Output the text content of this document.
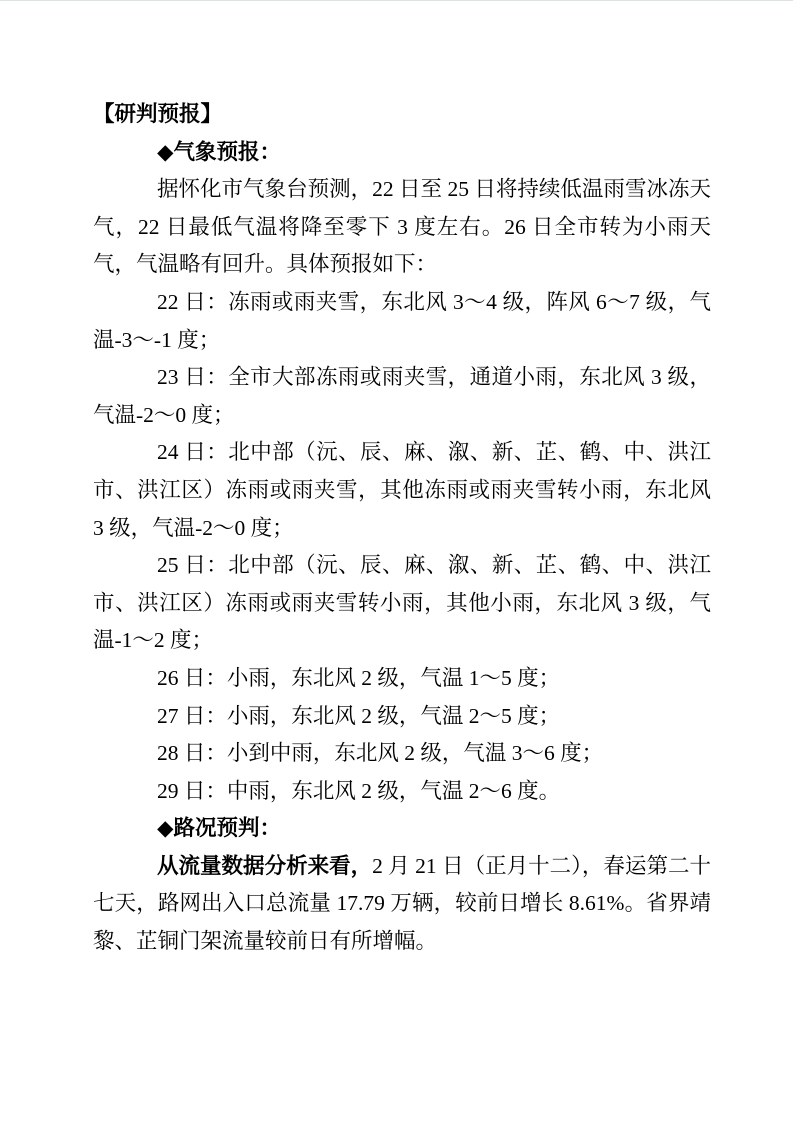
【研判预报】

◆气象预报：

据怀化市气象台预测，22 日至 25 日将持续低温雨雪冰冻天气，22 日最低气温将降至零下 3 度左右。26 日全市转为小雨天气，气温略有回升。具体预报如下：

22 日：冻雨或雨夹雪，东北风 3～4 级，阵风 6～7 级，气温-3～-1 度；

23 日：全市大部冻雨或雨夹雪，通道小雨，东北风 3 级，气温-2～0 度；

24 日：北中部（沅、辰、麻、溆、新、芷、鹤、中、洪江市、洪江区）冻雨或雨夹雪，其他冻雨或雨夹雪转小雨，东北风 3 级，气温-2～0 度；

25 日：北中部（沅、辰、麻、溆、新、芷、鹤、中、洪江市、洪江区）冻雨或雨夹雪转小雨，其他小雨，东北风 3 级，气温-1～2 度；

26 日：小雨，东北风 2 级，气温 1～5 度；

27 日：小雨，东北风 2 级，气温 2～5 度；

28 日：小到中雨，东北风 2 级，气温 3～6 度；

29 日：中雨，东北风 2 级，气温 2～6 度。

◆路况预判：

从流量数据分析来看，2 月 21 日（正月十二），春运第二十七天，路网出入口总流量 17.79 万辆，较前日增长 8.61%。省界靖黎、芷铜门架流量较前日有所增幅。
